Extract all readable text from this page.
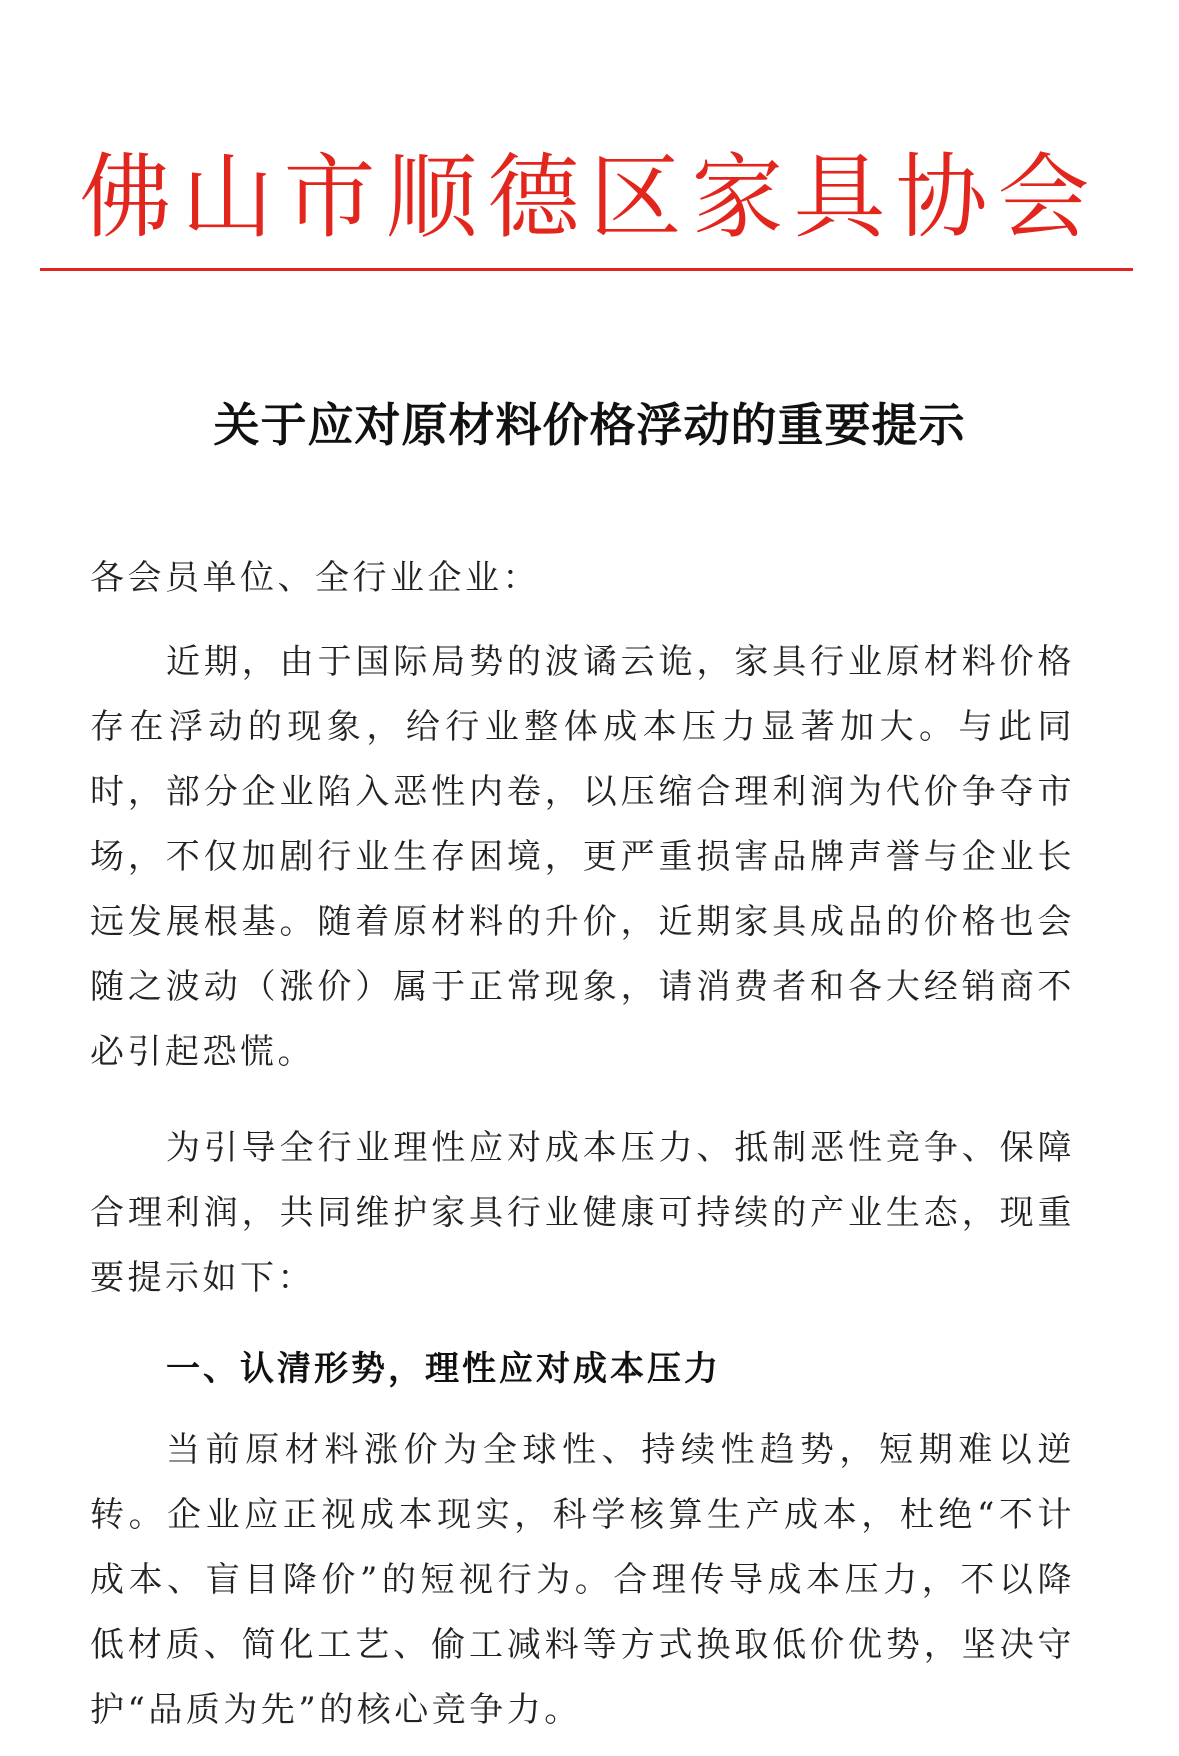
佛山市顺德区家具协会
关于应对原材料价格浮动的重要提示

各会员单位、全行业企业：

近期，由于国际局势的波谲云诡，家具行业原材料价格存在浮动的现象，给行业整体成本压力显著加大。与此同时，部分企业陷入恶性内卷，以压缩合理利润为代价争夺市场，不仅加剧行业生存困境，更严重损害品牌声誉与企业长远发展根基。随着原材料的升价，近期家具成品的价格也会随之波动（涨价）属于正常现象，请消费者和各大经销商不必引起恐慌。

为引导全行业理性应对成本压力、抵制恶性竞争、保障合理利润，共同维护家具行业健康可持续的产业生态，现重要提示如下：

一、认清形势，理性应对成本压力

当前原材料涨价为全球性、持续性趋势，短期难以逆转。企业应正视成本现实，科学核算生产成本，杜绝“不计成本、盲目降价”的短视行为。合理传导成本压力，不以降低材质、简化工艺、偷工减料等方式换取低价优势，坚决守护“品质为先”的核心竞争力。
